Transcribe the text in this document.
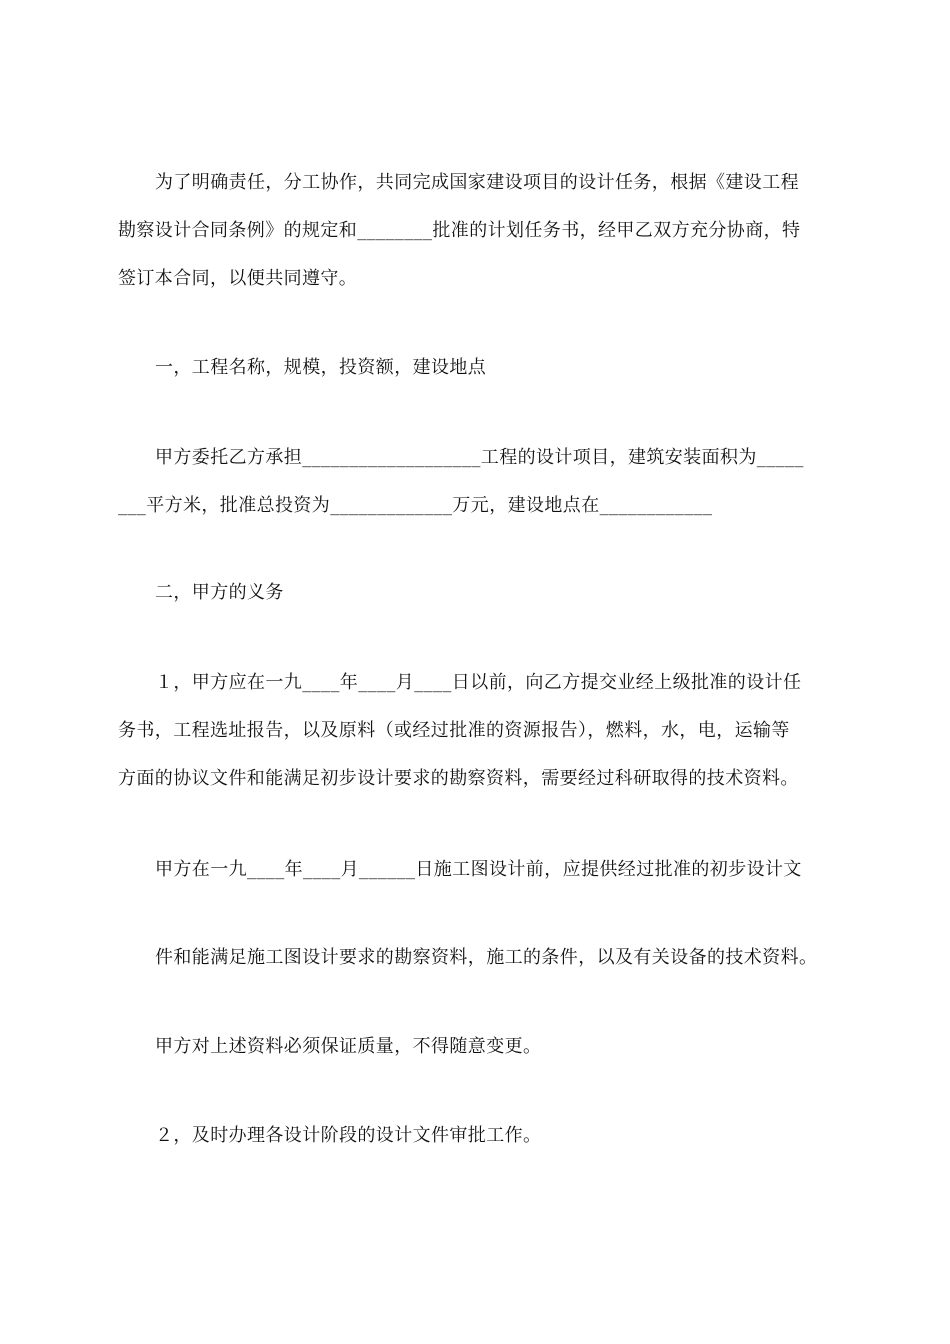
为了明确责任，分工协作，共同完成国家建设项目的设计任务，根据《建设工程
勘察设计合同条例》的规定和________批准的计划任务书，经甲乙双方充分协商，特
签订本合同，以便共同遵守。
一，工程名称，规模，投资额，建设地点
甲方委托乙方承担___________________工程的设计项目，建筑安装面积为_____
___平方米，批准总投资为_____________万元，建设地点在____________
二，甲方的义务
１，甲方应在一九____年____月____日以前，向乙方提交业经上级批准的设计任
务书，工程选址报告，以及原料（或经过批准的资源报告），燃料，水，电，运输等
方面的协议文件和能满足初步设计要求的勘察资料，需要经过科研取得的技术资料。
甲方在一九____年____月______日施工图设计前，应提供经过批准的初步设计文
件和能满足施工图设计要求的勘察资料，施工的条件，以及有关设备的技术资料。
甲方对上述资料必须保证质量，不得随意变更。
２，及时办理各设计阶段的设计文件审批工作。
